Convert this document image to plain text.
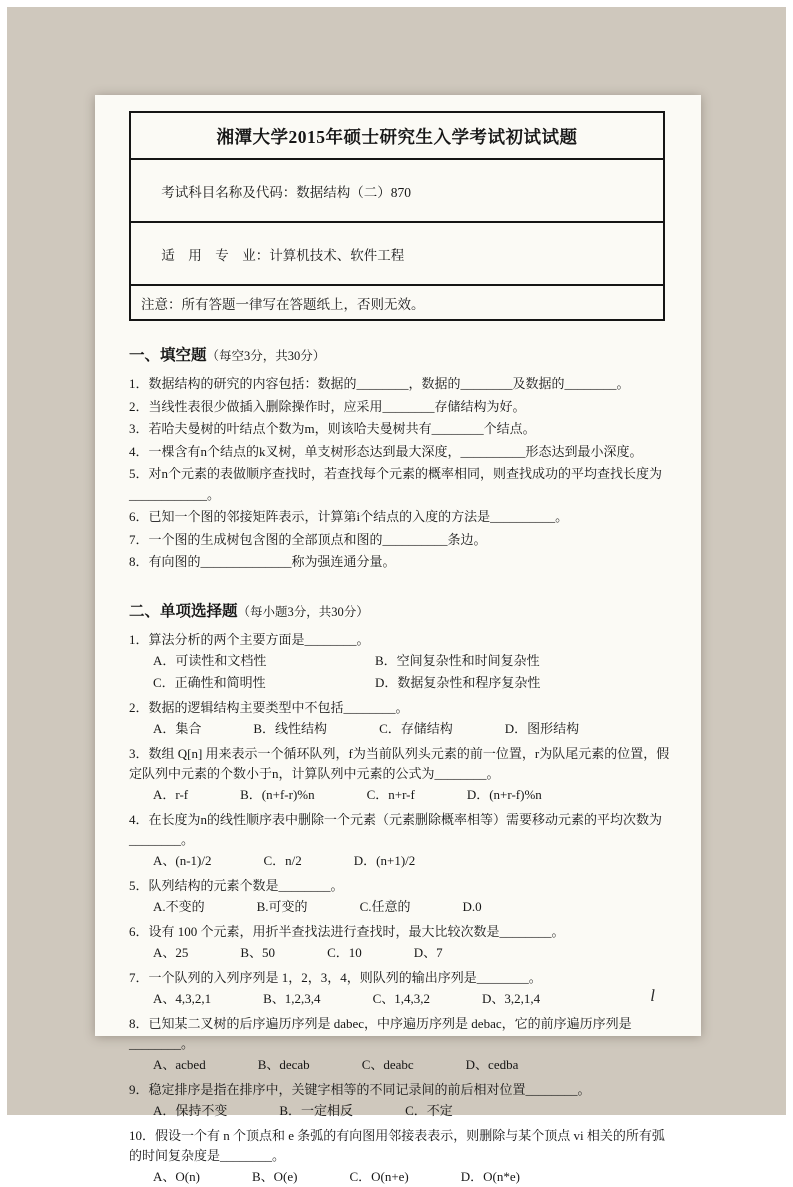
湘潭大学2015年硕士研究生入学考试初试试题

考试科目名称及代码：数据结构（二）870

适    用    专    业：计算机技术、软件工程

注意：所有答题一律写在答题纸上，否则无效。
一、填空题（每空3分，共30分）
1．数据结构的研究的内容包括：数据的________，数据的________及数据的________。
2．当线性表很少做插入删除操作时，应采用________存储结构为好。
3．若哈夫曼树的叶结点个数为m，则该哈夫曼树共有________个结点。
4．一棵含有n个结点的k叉树，单支树形态达到最大深度，__________形态达到最小深度。
5．对n个元素的表做顺序查找时，若查找每个元素的概率相同，则查找成功的平均查找长度为____________。
6．已知一个图的邻接矩阵表示，计算第i个结点的入度的方法是__________。
7．一个图的生成树包含图的全部顶点和图的__________条边。
8．有向图的______________称为强连通分量。
二、单项选择题（每小题3分，共30分）
1．算法分析的两个主要方面是________。
A．可读性和文档性	B．空间复杂性和时间复杂性
C．正确性和简明性	D．数据复杂性和程序复杂性
2．数据的逻辑结构主要类型中不包括________。
A．集合	B．线性结构	C．存储结构	D．图形结构
3．数组 Q[n] 用来表示一个循环队列，f为当前队列头元素的前一位置，r为队尾元素的位置，假定队列中元素的个数小于n，计算队列中元素的公式为________。
A．r-f	B．(n+f-r)%n	C．n+r-f	D．(n+r-f)%n
4．在长度为n的线性顺序表中删除一个元素（元素删除概率相等）需要移动元素的平均次数为________。
A、(n-1)/2	C．n/2	D．(n+1)/2
5．队列结构的元素个数是________。
A.不变的	B.可变的	C.任意的	D.0
6．设有 100 个元素，用折半查找法进行查找时，最大比较次数是________。
A、25	B、50	C．10	D、7
7．一个队列的入列序列是 1，2，3，4，则队列的输出序列是________。
A、4,3,2,1	B、1,2,3,4	C、1,4,3,2	D、3,2,1,4
8．已知某二叉树的后序遍历序列是 dabec，中序遍历序列是 debac，它的前序遍历序列是________。
A、acbed	B、decab	C、deabc	D、cedba
9．稳定排序是指在排序中，关键字相等的不同记录间的前后相对位置________。
A．保持不变	B．一定相反	C．不定
10．假设一个有 n 个顶点和 e 条弧的有向图用邻接表表示，则删除与某个顶点 vi 相关的所有弧的时间复杂度是________。
A、O(n)	B、O(e)	C．O(n+e)	D．O(n*e)
l
